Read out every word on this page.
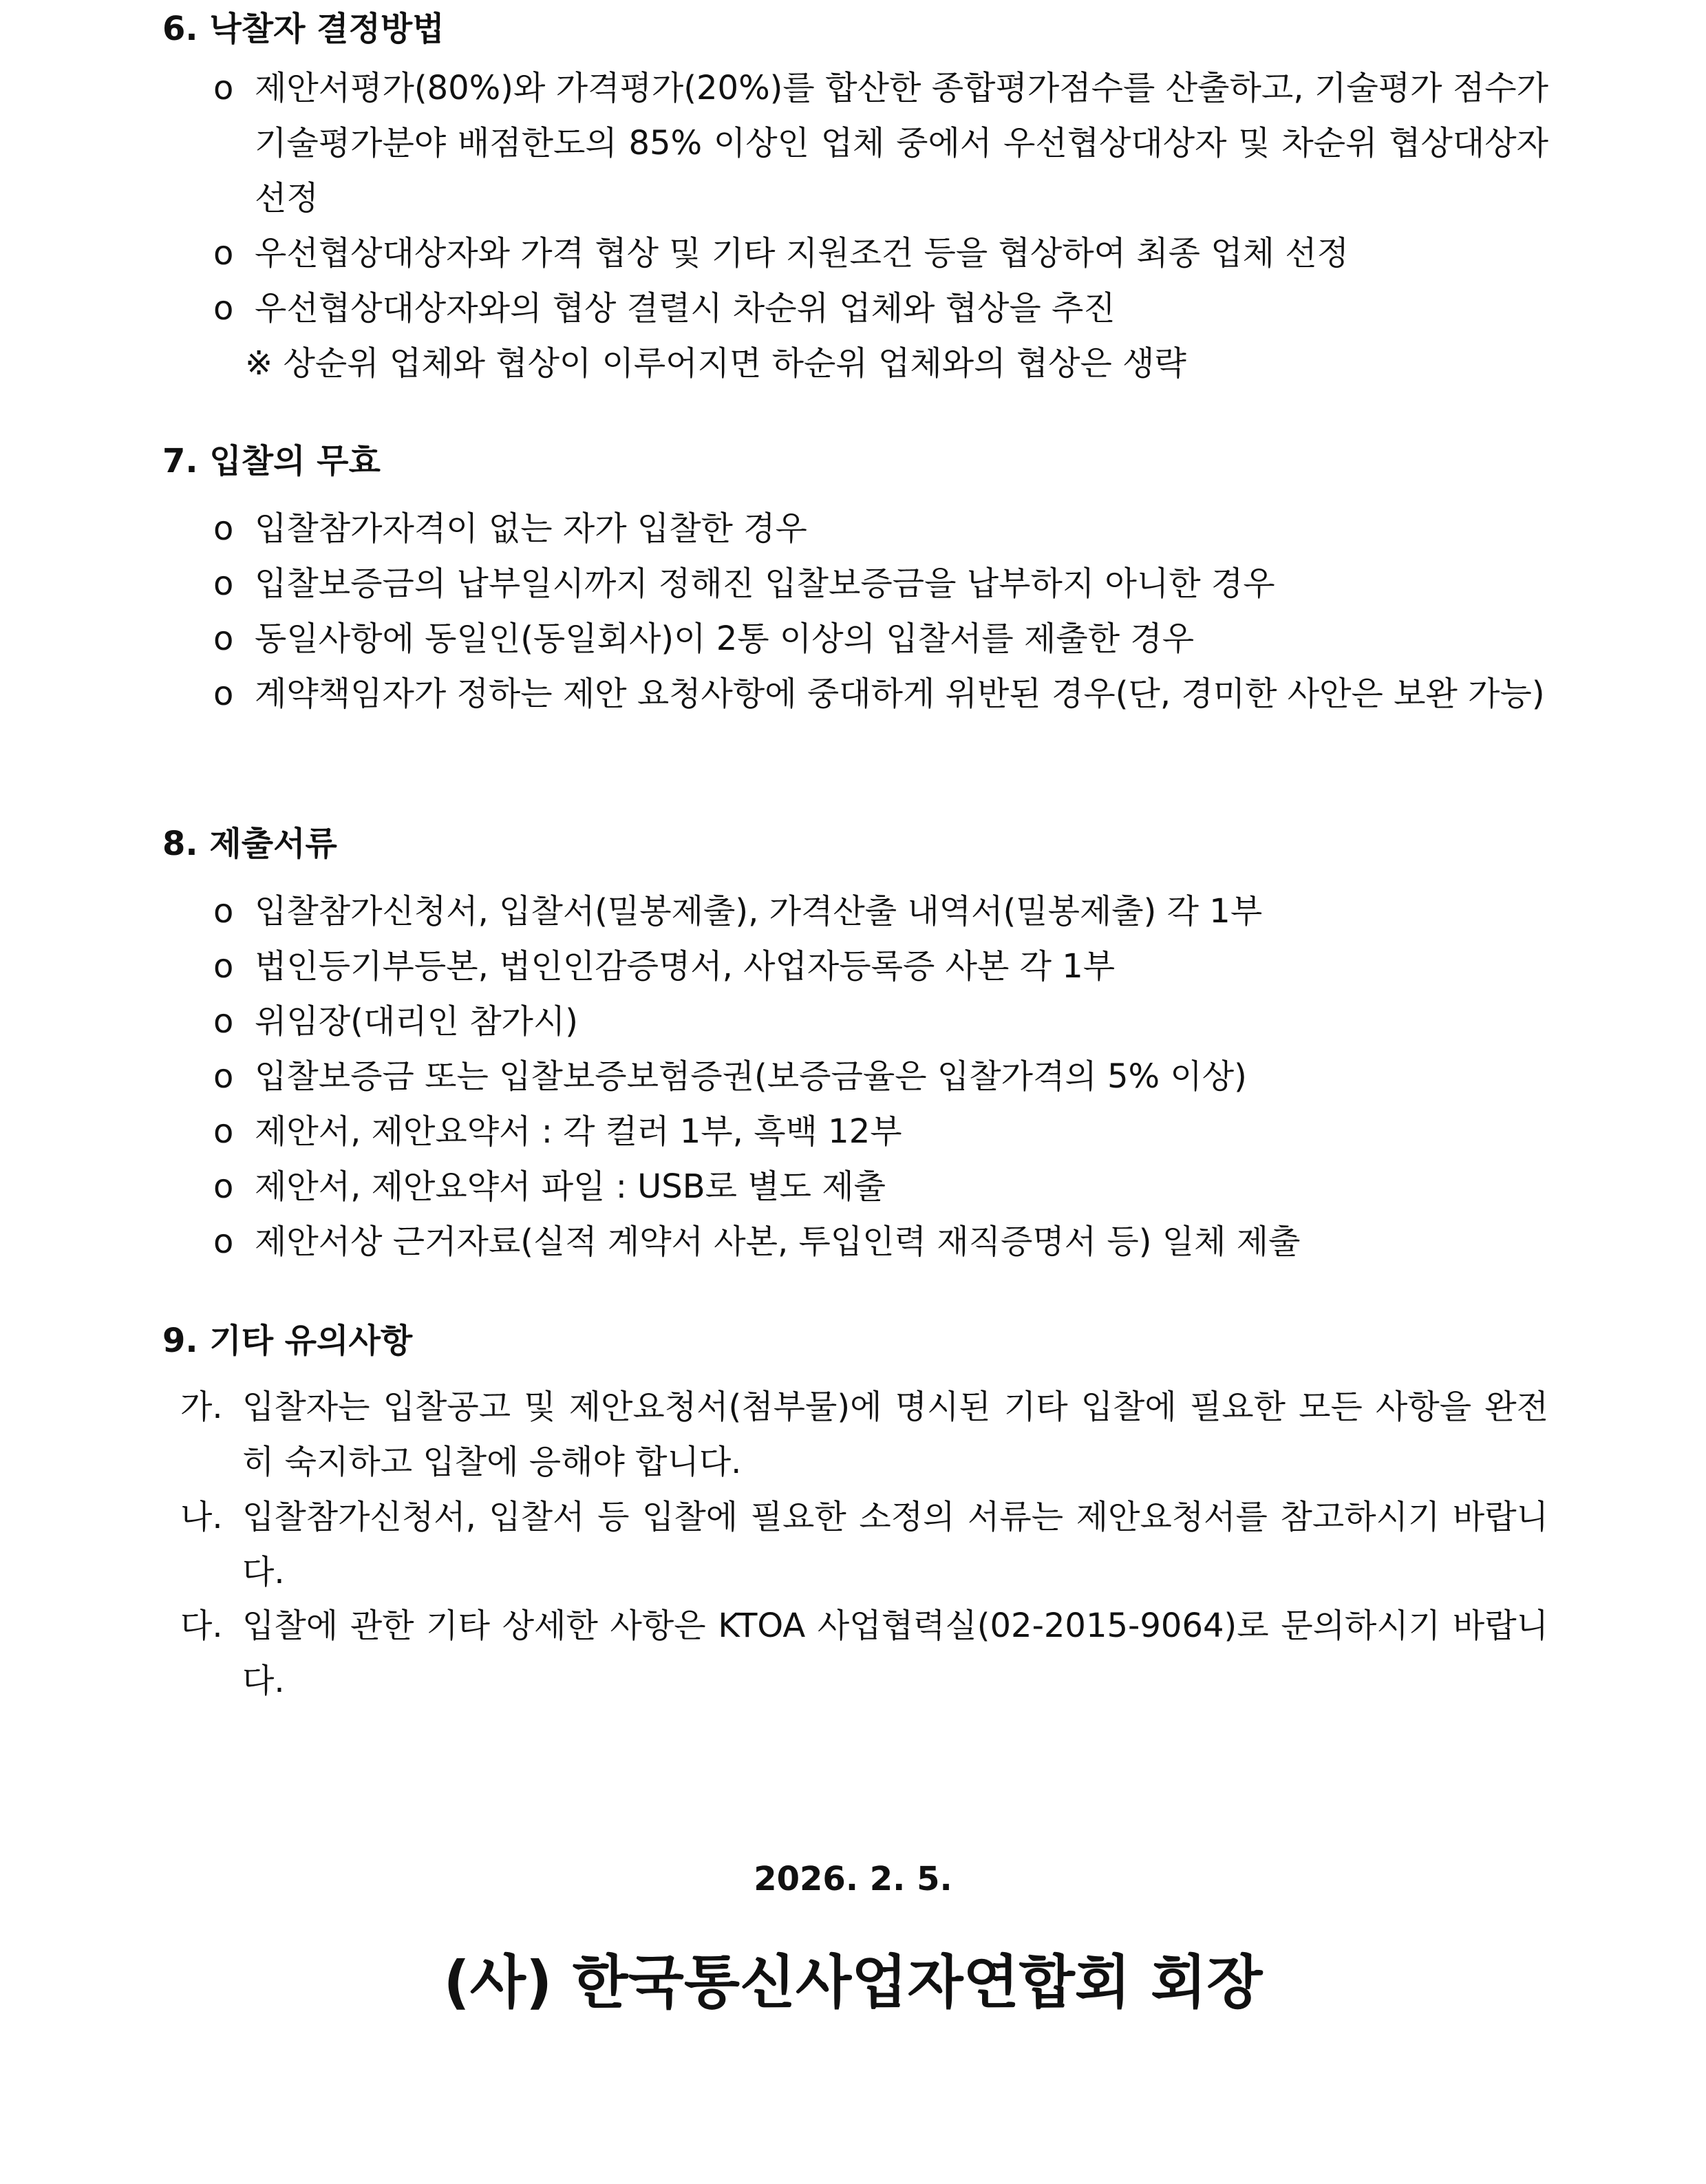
6. 낙찰자 결정방법
o 제안서평가(80%)와 가격평가(20%)를 합산한 종합평가점수를 산출하고, 기술평가 점수가 기술평가분야 배점한도의 85% 이상인 업체 중에서 우선협상대상자 및 차순위 협상대상자 선정
o 우선협상대상자와 가격 협상 및 기타 지원조건 등을 협상하여 최종 업체 선정
o 우선협상대상자와의 협상 결렬시 차순위 업체와 협상을 추진
※ 상순위 업체와 협상이 이루어지면 하순위 업체와의 협상은 생략
7. 입찰의 무효
o 입찰참가자격이 없는 자가 입찰한 경우
o 입찰보증금의 납부일시까지 정해진 입찰보증금을 납부하지 아니한 경우
o 동일사항에 동일인(동일회사)이 2통 이상의 입찰서를 제출한 경우
o 계약책임자가 정하는 제안 요청사항에 중대하게 위반된 경우(단, 경미한 사안은 보완 가능)
8. 제출서류
o 입찰참가신청서, 입찰서(밀봉제출), 가격산출 내역서(밀봉제출) 각 1부
o 법인등기부등본, 법인인감증명서, 사업자등록증 사본 각 1부
o 위임장(대리인 참가시)
o 입찰보증금 또는 입찰보증보험증권(보증금율은 입찰가격의 5% 이상)
o 제안서, 제안요약서 : 각 컬러 1부, 흑백 12부
o 제안서, 제안요약서 파일 : USB로 별도 제출
o 제안서상 근거자료(실적 계약서 사본, 투입인력 재직증명서 등) 일체 제출
9. 기타 유의사항
가. 입찰자는 입찰공고 및 제안요청서(첨부물)에 명시된 기타 입찰에 필요한 모든 사항을 완전히 숙지하고 입찰에 응해야 합니다.
나. 입찰참가신청서, 입찰서 등 입찰에 필요한 소정의 서류는 제안요청서를 참고하시기 바랍니다.
다. 입찰에 관한 기타 상세한 사항은 KTOA 사업협력실(02-2015-9064)로 문의하시기 바랍니다.
2026. 2. 5.
(사) 한국통신사업자연합회 회장
